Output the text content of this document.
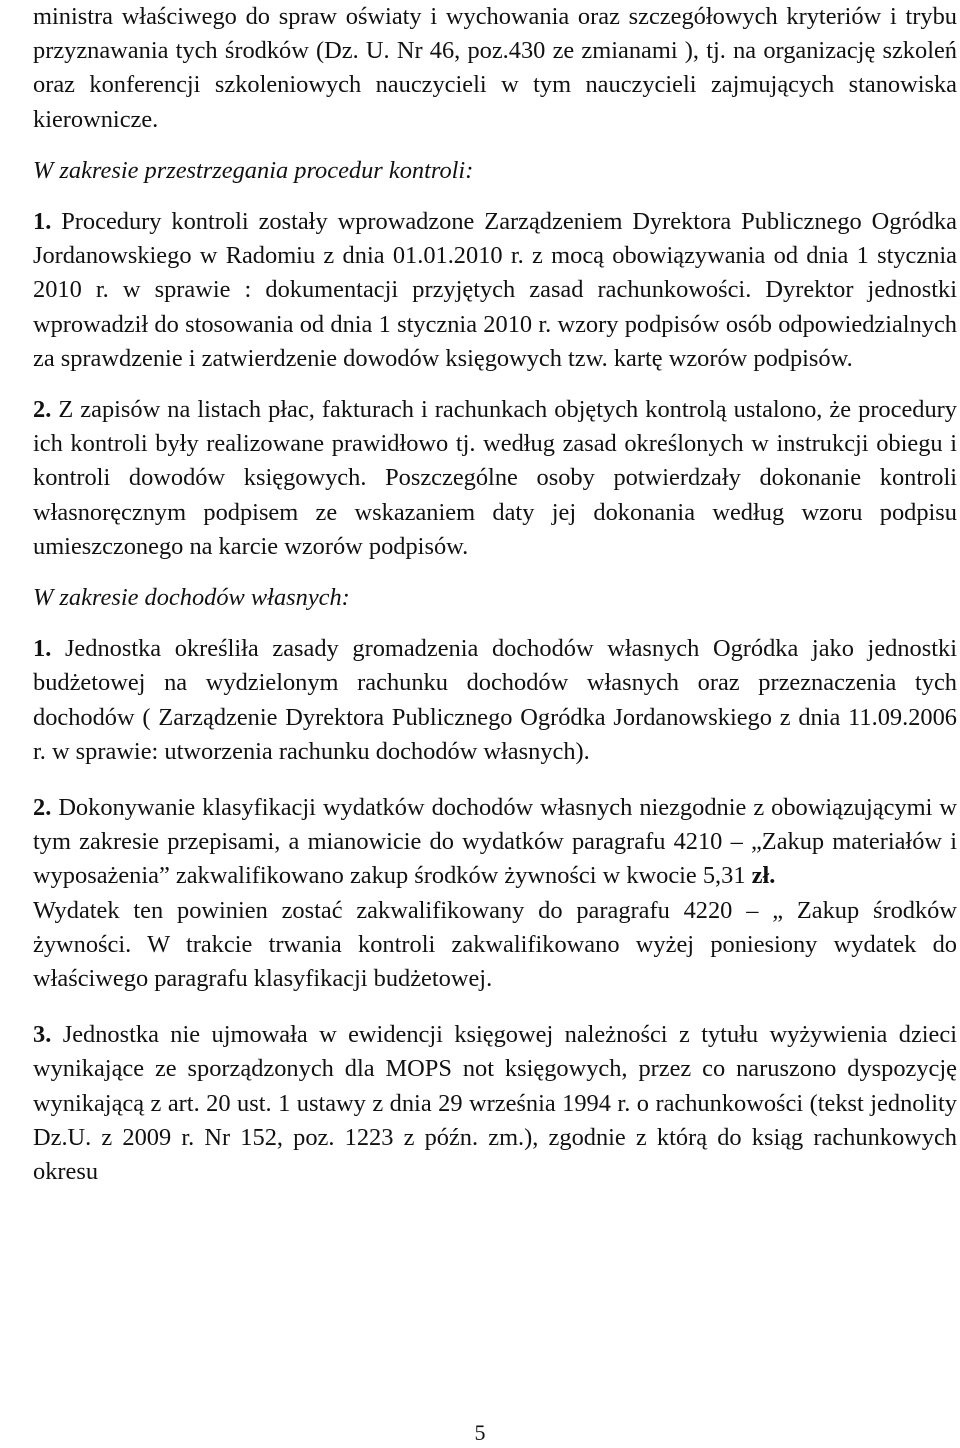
ministra właściwego do spraw oświaty i wychowania oraz szczegółowych kryteriów i trybu przyznawania tych środków (Dz. U. Nr 46, poz.430 ze zmianami ), tj. na organizację szkoleń oraz konferencji szkoleniowych nauczycieli w tym nauczycieli zajmujących stanowiska kierownicze.

W zakresie przestrzegania procedur kontroli:

1. Procedury kontroli zostały wprowadzone Zarządzeniem Dyrektora Publicznego Ogródka Jordanowskiego w Radomiu z dnia 01.01.2010 r. z mocą obowiązywania od dnia 1 stycznia 2010 r. w sprawie : dokumentacji przyjętych zasad rachunkowości. Dyrektor jednostki wprowadził do stosowania od dnia 1 stycznia 2010 r. wzory podpisów osób odpowiedzialnych za sprawdzenie i zatwierdzenie dowodów księgowych tzw. kartę wzorów podpisów.

2. Z zapisów na listach płac, fakturach i rachunkach objętych kontrolą ustalono, że procedury ich kontroli były realizowane prawidłowo tj. według zasad określonych w instrukcji obiegu i kontroli dowodów księgowych. Poszczególne osoby potwierdzały dokonanie kontroli własnoręcznym podpisem ze wskazaniem daty jej dokonania według wzoru podpisu umieszczonego na karcie wzorów podpisów.

W zakresie dochodów własnych:

1. Jednostka określiła zasady gromadzenia dochodów własnych Ogródka jako jednostki budżetowej na wydzielonym rachunku dochodów własnych oraz przeznaczenia tych dochodów ( Zarządzenie Dyrektora Publicznego Ogródka Jordanowskiego z dnia 11.09.2006 r. w sprawie: utworzenia rachunku dochodów własnych).

2. Dokonywanie klasyfikacji wydatków dochodów własnych niezgodnie z obowiązującymi w tym zakresie przepisami, a mianowicie do wydatków paragrafu 4210 – „Zakup materiałów i wyposażenia” zakwalifikowano zakup środków żywności w kwocie 5,31 zł.

Wydatek ten powinien zostać zakwalifikowany do paragrafu 4220 – „ Zakup środków żywności. W trakcie trwania kontroli zakwalifikowano wyżej poniesiony wydatek do właściwego paragrafu klasyfikacji budżetowej.

3. Jednostka nie ujmowała w ewidencji księgowej należności z tytułu wyżywienia dzieci wynikające ze sporządzonych dla MOPS not księgowych, przez co naruszono dyspozycję wynikającą z art. 20 ust. 1 ustawy z dnia 29 września 1994 r. o rachunkowości (tekst jednolity Dz.U. z 2009 r. Nr 152, poz. 1223 z późn. zm.), zgodnie z którą do ksiąg rachunkowych okresu

5
